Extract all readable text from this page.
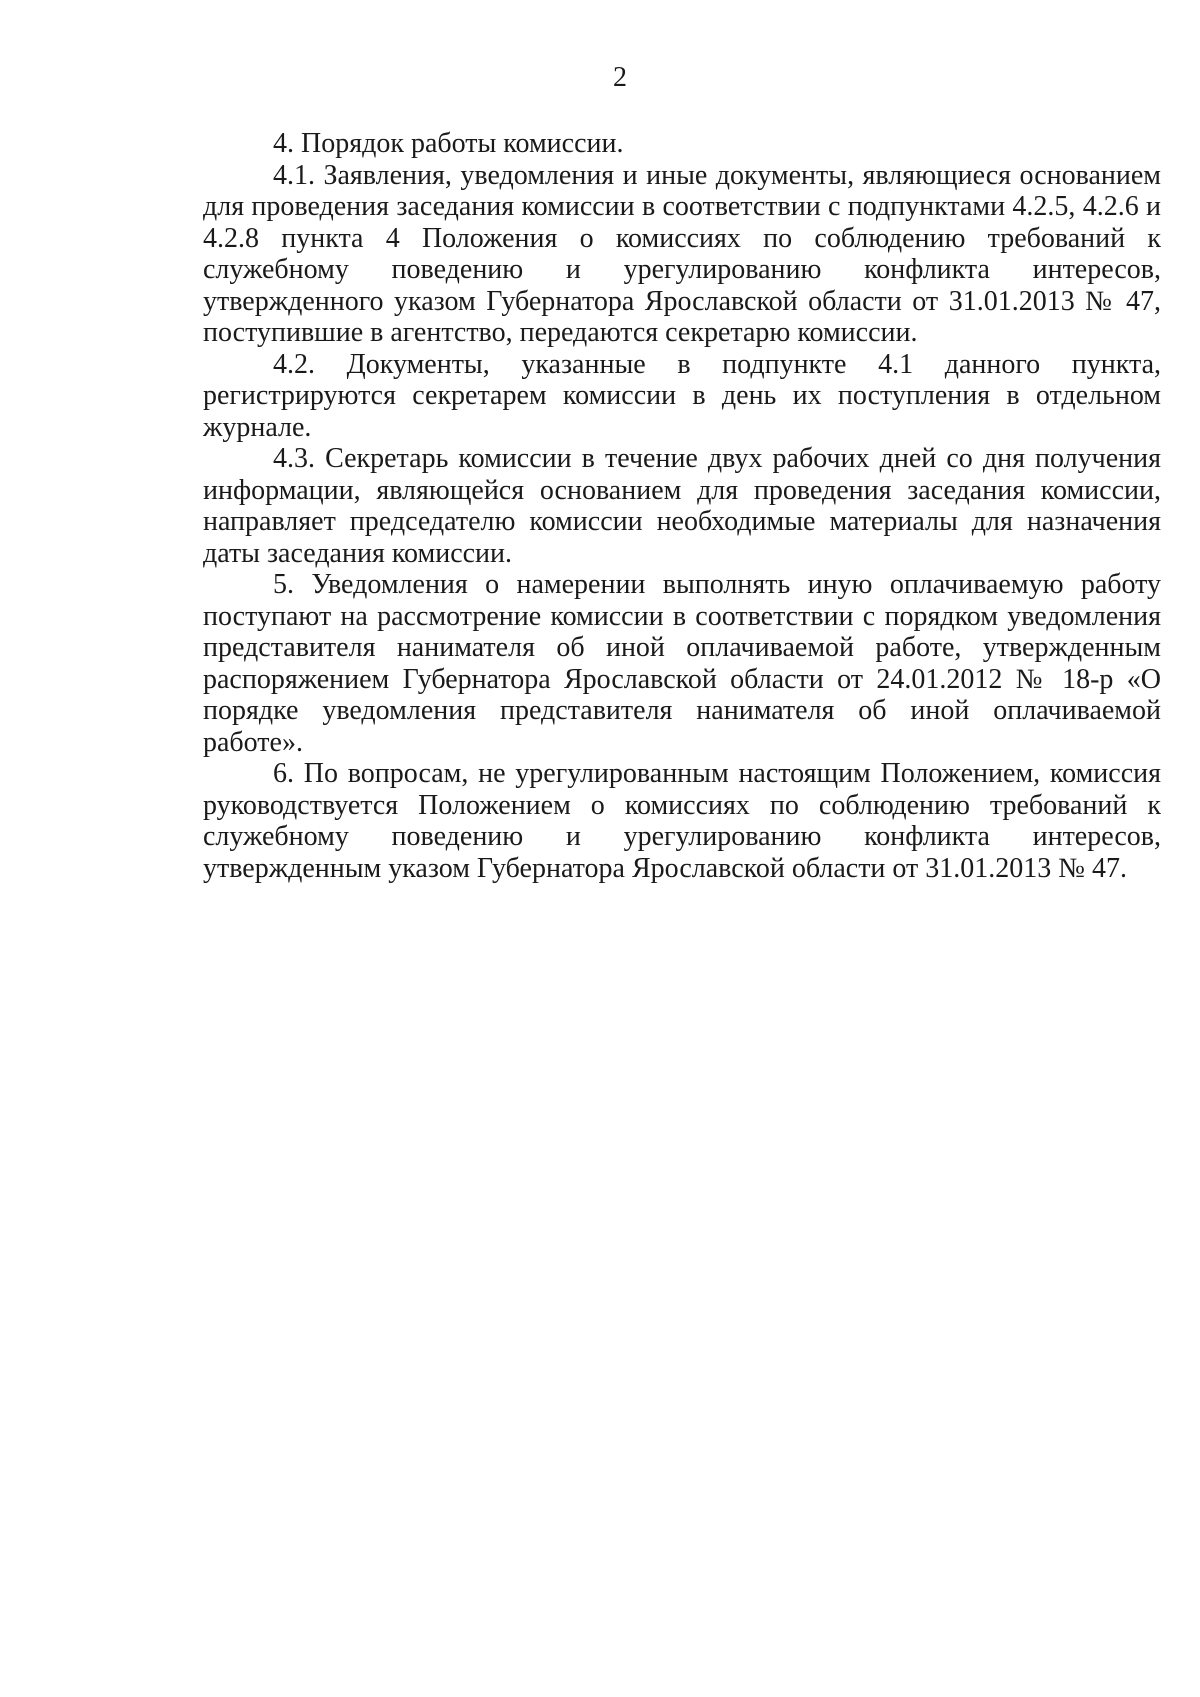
2

4. Порядок работы комиссии.

4.1. Заявления, уведомления и иные документы, являющиеся основанием для проведения заседания комиссии в соответствии с подпунктами 4.2.5, 4.2.6 и 4.2.8 пункта 4 Положения о комиссиях по соблюдению требований к служебному поведению и урегулированию конфликта интересов, утвержденного указом Губернатора Ярославской области от 31.01.2013 № 47, поступившие в агентство, передаются секретарю комиссии.

4.2. Документы, указанные в подпункте 4.1 данного пункта, регистрируются секретарем комиссии в день их поступления в отдельном журнале.

4.3. Секретарь комиссии в течение двух рабочих дней со дня получения информации, являющейся основанием для проведения заседания комиссии, направляет председателю комиссии необходимые материалы для назначения даты заседания комиссии.

5. Уведомления о намерении выполнять иную оплачиваемую работу поступают на рассмотрение комиссии в соответствии с порядком уведомления представителя нанимателя об иной оплачиваемой работе, утвержденным распоряжением Губернатора Ярославской области от 24.01.2012 № 18-р «О порядке уведомления представителя нанимателя об иной оплачиваемой работе».

6. По вопросам, не урегулированным настоящим Положением, комиссия руководствуется Положением о комиссиях по соблюдению требований к служебному поведению и урегулированию конфликта интересов, утвержденным указом Губернатора Ярославской области от 31.01.2013 № 47.
